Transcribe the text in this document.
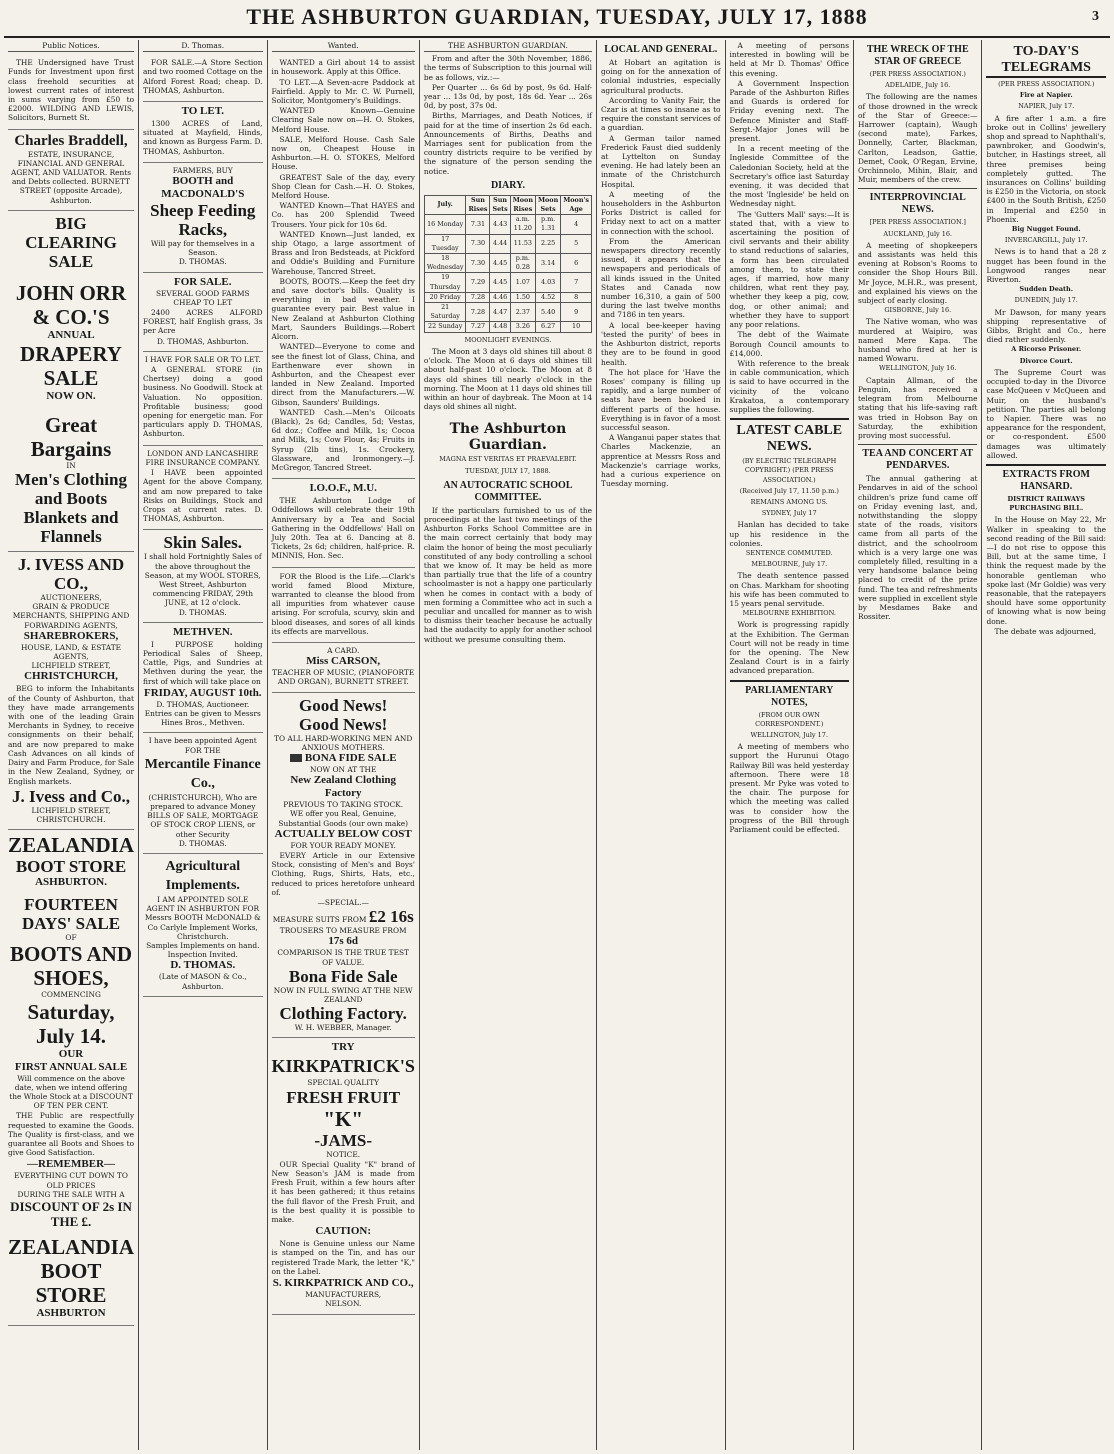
THE ASHBURTON GUARDIAN, TUESDAY, JULY 17, 1888	3
Public Notices.
THE Undersigned have Trust Funds for Investment upon first class freehold securities at lowest current rates of interest in sums varying from £50 to £2000. WILDING AND LEWIS, Solicitors, Burnett St.
Charles Braddell,
ESTATE, INSURANCE, FINANCIAL AND GENERAL AGENT, AND VALUATOR. Rents and Debts collected. BURNETT STREET (opposite Arcade), Ashburton.
BIG CLEARING SALE
JOHN ORR & CO.'S
ANNUAL
DRAPERY SALE
NOW ON.
Great Bargains
IN
Men's Clothing and Boots
Blankets and Flannels
J. IVESS AND CO.,
AUCTIONEERS,
GRAIN & PRODUCE MERCHANTS, SHIPPING AND FORWARDING AGENTS,
SHAREBROKERS,
HOUSE, LAND, & ESTATE AGENTS,
LICHFIELD STREET,
CHRISTCHURCH,
BEG to inform the Inhabitants of the County of Ashburton, that they have made arrangements with one of the leading Grain Merchants in Sydney, to receive consignments on their behalf, and are now prepared to make Cash Advances on all kinds of Dairy and Farm Produce, for Sale in the New Zealand, Sydney, or English markets.
J. Ivess and Co.,
LICHFIELD STREET, CHRISTCHURCH.
ZEALANDIA
BOOT STORE
ASHBURTON.
FOURTEEN DAYS' SALE
OF
BOOTS AND SHOES,
COMMENCING
Saturday, July 14.
OUR
FIRST ANNUAL SALE
Will commence on the above date, when we intend offering the Whole Stock at a DISCOUNT OF TEN PER CENT.
THE Public are respectfully requested to examine the Goods. The Quality is first-class, and we guarantee all Boots and Shoes to give Good Satisfaction.
—REMEMBER—
EVERYTHING CUT DOWN TO OLD PRICES
DURING THE SALE WITH A
DISCOUNT OF 2s IN THE £.
ZEALANDIA
BOOT STORE
ASHBURTON
D. Thomas.
FOR SALE.—A Store Section and two roomed Cottage on the Alford Forest Road; cheap. D. THOMAS, Ashburton.
TO LET.
1300 ACRES of Land, situated at Mayfield, Hinds, and known as Burgess Farm. D. THOMAS, Ashburton.
FARMERS, BUY
BOOTH and MACDONALD'S
Sheep Feeding Racks,
Will pay for themselves in a Season.
D. THOMAS.
FOR SALE.
SEVERAL GOOD FARMS CHEAP TO LET
2400 ACRES ALFORD FOREST, half English grass, 3s per Acre
D. THOMAS, Ashburton.
I HAVE FOR SALE OR TO LET.
A GENERAL STORE (in Chertsey) doing a good business. No Goodwill. Stock at Valuation. No opposition. Profitable business; good opening for energetic man. For particulars apply D. THOMAS, Ashburton.
LONDON AND LANCASHIRE FIRE INSURANCE COMPANY.
I HAVE been appointed Agent for the above Company, and am now prepared to take Risks on Buildings, Stock and Crops at current rates. D. THOMAS, Ashburton.
Skin Sales.
I shall hold Fortnightly Sales of the above throughout the Season, at my WOOL STORES, West Street, Ashburton commencing FRIDAY, 29th JUNE, at 12 o'clock.
D. THOMAS.
METHVEN.
I PURPOSE holding Periodical Sales of Sheep, Cattle, Pigs, and Sundries at Methven during the year, the first of which will take place on
FRIDAY, AUGUST 10th.
D. THOMAS, Auctioneer.
Entries can be given to Messrs Hines Bros., Methven.
I have been appointed Agent FOR THE
Mercantile Finance Co.,
(CHRISTCHURCH), Who are prepared to advance Money BILLS OF SALE, MORTGAGE OF STOCK CROP LIENS, or other Security
D. THOMAS.
Agricultural Implements.
I AM APPOINTED SOLE AGENT IN ASHBURTON FOR
Messrs BOOTH McDONALD & Co Carlyle Implement Works, Christchurch.
Samples Implements on hand.
Inspection Invited.
D. THOMAS.
(Late of MASON & Co., Ashburton.
Wanted.
WANTED a Girl about 14 to assist in housework. Apply at this Office.
TO LET.—A Seven-acre Paddock at Fairfield. Apply to Mr. C. W. Purnell, Solicitor, Montgomery's Buildings.
WANTED Known—Genuine Clearing Sale now on—H. O. Stokes, Melford House.
SALE, Melford House. Cash Sale now on, Cheapest House in Ashburton.—H. O. STOKES, Melford House.
GREATEST Sale of the day, every Shop Clean for Cash.—H. O. Stokes, Melford House.
WANTED Known—That HAYES and Co. has 200 Splendid Tweed Trousers. Your pick for 10s 6d.
WANTED Known—Just landed, ex ship Otago, a large assortment of Brass and Iron Bedsteads, at Pickford and Oddie's Building and Furniture Warehouse, Tancred Street.
BOOTS, BOOTS.—Keep the feet dry and save doctor's bills. Quality is everything in bad weather. I guarantee every pair. Best value in New Zealand at Ashburton Clothing Mart, Saunders Buildings.—Robert Alcorn.
WANTED—Everyone to come and see the finest lot of Glass, China, and Earthenware ever shown in Ashburton, and the Cheapest ever landed in New Zealand. Imported direct from the Manufacturers.—W. Gibson, Saunders' Buildings.
WANTED Cash.—Men's Oilcoats (Black), 2s 6d; Candles, 5d; Vestas, 6d doz.; Coffee and Milk, 1s; Cocoa and Milk, 1s; Cow Flour, 4s; Fruits in Syrup (2lb tins), 1s. Crockery, Glassware, and Ironmongery.—J. McGregor, Tancred Street.
I.O.O.F., M.U.
THE Ashburton Lodge of Oddfellows will celebrate their 19th Anniversary by a Tea and Social Gathering in the Oddfellows' Hall on July 20th. Tea at 6. Dancing at 8. Tickets, 2s 6d; children, half-price. R. MINNIS, Hon. Sec.
FOR the Blood is the Life.—Clark's world famed Blood Mixture, warranted to cleanse the blood from all impurities from whatever cause arising. For scrofula, scurvy, skin and blood diseases, and sores of all kinds its effects are marvellous.
A CARD.
Miss CARSON,
TEACHER OF MUSIC, (PIANOFORTE AND ORGAN), BURNETT STREET.
Good News!
Good News!
TO ALL HARD-WORKING MEN AND ANXIOUS MOTHERS.
BONA FIDE SALE
NOW ON AT THE
New Zealand Clothing Factory
PREVIOUS TO TAKING STOCK.
WE offer you Real, Genuine, Substantial Goods (our own make)
ACTUALLY BELOW COST
FOR YOUR READY MONEY.
EVERY Article in our Extensive Stock, consisting of Men's and Boys' Clothing, Rugs, Shirts, Hats, etc., reduced to prices heretofore unheard of.
—SPECIAL.—
MEASURE SUITS FROM £2 16s
TROUSERS TO MEASURE FROM 17s 6d
COMPARISON IS THE TRUE TEST OF VALUE.
Bona Fide Sale
NOW IN FULL SWING AT THE NEW ZEALAND
Clothing Factory.
W. H. WEBBER, Manager.
TRY
KIRKPATRICK'S
SPECIAL QUALITY
FRESH FRUIT
"K"
-JAMS-
NOTICE.
OUR Special Quality "K" brand of New Season's JAM is made from Fresh Fruit, within a few hours after it has been gathered; it thus retains the full flavor of the Fresh Fruit, and is the best quality it is possible to make.
CAUTION:
None is Genuine unless our Name is stamped on the Tin, and has our registered Trade Mark, the letter "K," on the Label.
S. KIRKPATRICK AND CO.,
MANUFACTURERS,
NELSON.
THE ASHBURTON GUARDIAN.
From and after the 30th November, 1886, the terms of Subscription to this journal will be as follows, viz.:—
Per Quarter ... 6s 6d by post, 9s 6d. Half-year ... 13s 0d, by post, 18s 6d. Year ... 26s 0d, by post, 37s 0d.
Births, Marriages, and Death Notices, if paid for at the time of insertion 2s 6d each. Announcements of Births, Deaths and Marriages sent for publication from the country districts require to be verified by the signature of the person sending the notice.
DIARY.
July.	Sun Rises	Sun Sets	Moon Rises	Moon Sets	Moon's Age
16 Monday	7.31	4.43	a.m. 11.20	p.m. 1.31	4
17 Tuesday	7.30	4.44	11.53	2.25	5
18 Wednesday	7.30	4.45	p.m. 0.28	3.14	6
19 Thursday	7.29	4.45	1.07	4.03	7
20 Friday	7.28	4.46	1.50	4.52	8
21 Saturday	7.28	4.47	2.37	5.40	9
22 Sunday	7.27	4.48	3.26	6.27	10
MOONLIGHT EVENINGS.
The Moon at 3 days old shines till about 8 o'clock. The Moon at 6 days old shines till about half-past 10 o'clock. The Moon at 8 days old shines till nearly o'clock in the morning. The Moon at 11 days old shines till within an hour of daybreak. The Moon at 14 days old shines all night.
The Ashburton Guardian.
MAGNA EST VERITAS ET PRAEVALEBIT.
TUESDAY, JULY 17, 1888.
AN AUTOCRATIC SCHOOL COMMITTEE.
If the particulars furnished to us of the proceedings at the last two meetings of the Ashburton Forks School Committee are in the main correct certainly that body may claim the honor of being the most peculiarly constituted of any body controlling a school that we know of. It may be held as more than partially true that the life of a country schoolmaster is not a happy one particularly when he comes in contact with a body of men forming a Committee who act in such a peculiar and uncalled for manner as to wish to dismiss their teacher because he actually had the audacity to apply for another school without we presume consulting them.
LOCAL AND GENERAL.
At Hobart an agitation is going on for the annexation of colonial industries, especially agricultural products.
According to Vanity Fair, the Czar is at times so insane as to require the constant services of a guardian.
A German tailor named Frederick Faust died suddenly at Lyttelton on Sunday evening. He had lately been an inmate of the Christchurch Hospital.
A meeting of the householders in the Ashburton Forks District is called for Friday next to act on a matter in connection with the school.
From the American newspapers directory recently issued, it appears that the newspapers and periodicals of all kinds issued in the United States and Canada now number 16,310, a gain of 500 during the last twelve months and 7186 in ten years.
A local bee-keeper having 'tested the purity' of bees in the Ashburton district, reports they are to be found in good health.
The hot place for 'Have the Roses' company is filling up rapidly, and a large number of seats have been booked in different parts of the house. Everything is in favor of a most successful season.
A Wanganui paper states that Charles Mackenzie, an apprentice at Messrs Ross and Mackenzie's carriage works, had a curious experience on Tuesday morning.
A meeting of persons interested in bowling will be held at Mr D. Thomas' Office this evening.
A Government Inspection Parade of the Ashburton Rifles and Guards is ordered for Friday evening next. The Defence Minister and Staff-Sergt.-Major Jones will be present.
In a recent meeting of the Ingleside Committee of the Caledonian Society, held at the Secretary's office last Saturday evening, it was decided that the most 'Ingleside' be held on Wednesday night.
The 'Gutters Mall' says:—It is stated that, with a view to ascertaining the position of civil servants and their ability to stand reductions of salaries, a form has been circulated among them, to state their ages, if married, how many children, what rent they pay, whether they keep a pig, cow, dog, or other animal; and whether they have to support any poor relations.
The debt of the Waimate Borough Council amounts to £14,000.
With reference to the break in cable communication, which is said to have occurred in the vicinity of the volcano Krakatoa, a contemporary supplies the following.
LATEST CABLE NEWS.
(BY ELECTRIC TELEGRAPH COPYRIGHT.) (PER PRESS ASSOCIATION.)
(Received July 17, 11.50 p.m.)
REMAINS AMONG US.
SYDNEY, July 17
Hanlan has decided to take up his residence in the colonies.
SENTENCE COMMUTED.
MELBOURNE, July 17.
The death sentence passed on Chas. Markham for shooting his wife has been commuted to 15 years penal servitude.
MELBOURNE EXHIBITION.
Work is progressing rapidly at the Exhibition. The German Court will not be ready in time for the opening. The New Zealand Court is in a fairly advanced preparation.
PARLIAMENTARY NOTES,
(FROM OUR OWN CORRESPONDENT.)
WELLINGTON, July 17.
A meeting of members who support the Hurunui Otago Railway Bill was held yesterday afternoon. There were 18 present. Mr Pyke was voted to the chair. The purpose for which the meeting was called was to consider how the progress of the Bill through Parliament could be effected.
THE WRECK OF THE STAR OF GREECE
(PER PRESS ASSOCIATION.)
ADELAIDE, July 16.
The following are the names of those drowned in the wreck of the Star of Greece:—Harrower (captain), Waugh (second mate), Farkes, Donnelly, Carter, Blackman, Carlton, Leadson, Gattie, Demet, Cook, O'Regan, Ervine, Orchinnolo, Mihin, Blair, and Muir, members of the crew.
INTERPROVINCIAL NEWS.
[PER PRESS ASSOCIATION.]
AUCKLAND, July 16.
A meeting of shopkeepers and assistants was held this evening at Robson's Rooms to consider the Shop Hours Bill. Mr Joyce, M.H.R., was present, and explained his views on the subject of early closing.
GISBORNE, July 16.
The Native woman, who was murdered at Waipiro, was named Mere Kapa. The husband who fired at her is named Wowaru.
WELLINGTON, July 16.
Captain Allman, of the Penguin, has received a telegram from Melbourne stating that his life-saving raft was tried in Hobson Bay on Saturday, the exhibition proving most successful.
TEA AND CONCERT AT PENDARVES.
The annual gathering at Pendarves in aid of the school children's prize fund came off on Friday evening last, and, notwithstanding the sloppy state of the roads, visitors came from all parts of the district, and the schoolroom which is a very large one was completely filled, resulting in a very handsome balance being placed to credit of the prize fund. The tea and refreshments were supplied in excellent style by Mesdames Bake and Rossiter.
TO-DAY'S TELEGRAMS
(PER PRESS ASSOCIATION.)
Fire at Napier.
NAPIER, July 17.
A fire after 1 a.m. a fire broke out in Collins' jewellery shop and spread to Naphthali's, pawnbroker, and Goodwin's, butcher, in Hastings street, all three premises being completely gutted. The insurances on Collins' building is £250 in the Victoria, on stock £400 in the South British, £250 in Imperial and £250 in Phoenix.
Big Nugget Found.
INVERCARGILL, July 17.
News is to hand that a 28 z nugget has been found in the Longwood ranges near Riverton.
Sudden Death.
DUNEDIN, July 17.
Mr Dawson, for many years shipping representative of Gibbs, Bright and Co., here died rather suddenly.
A Ricorso Prisoner.
Divorce Court.
The Supreme Court was occupied to-day in the Divorce case McQueen v McQueen and Muir, on the husband's petition. The parties all belong to Napier. There was no appearance for the respondent, or co-respondent. £500 damages was ultimately allowed.
EXTRACTS FROM HANSARD.
DISTRICT RAILWAYS PURCHASING BILL.
In the House on May 22, Mr Walker in speaking to the second reading of the Bill said:—I do not rise to oppose this Bill, but at the same time, I think the request made by the honorable gentleman who spoke last (Mr Goldie) was very reasonable, that the ratepayers should have some opportunity of knowing what is now being done.
The debate was adjourned,
